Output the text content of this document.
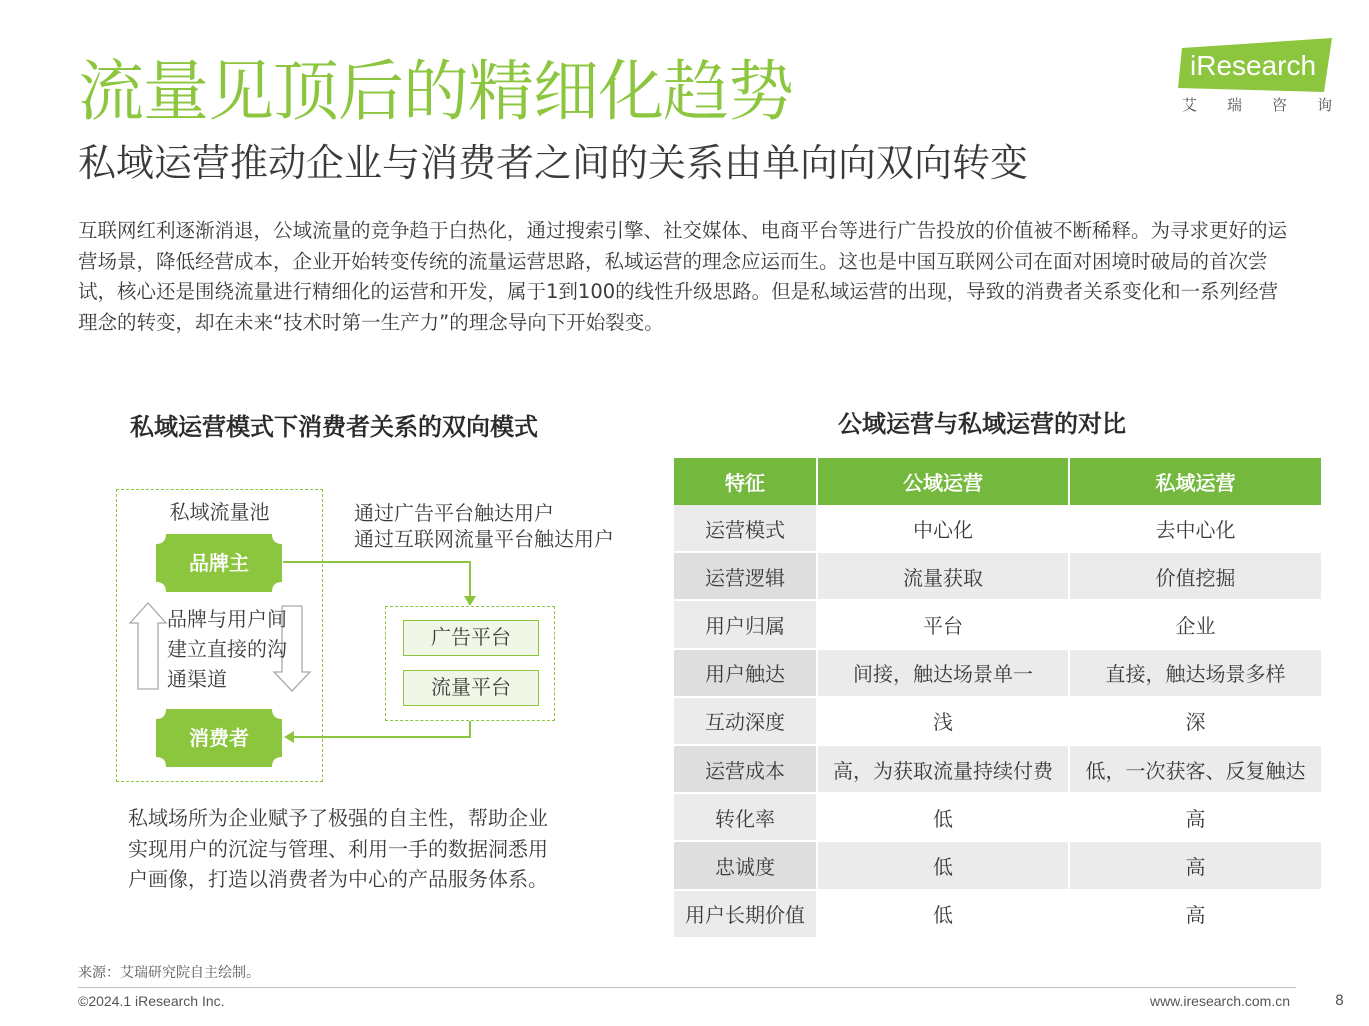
流量见顶后的精细化趋势
私域运营推动企业与消费者之间的关系由单向向双向转变
iResearch
艾 瑞 咨 询

互联网红利逐渐消退，公域流量的竞争趋于白热化，通过搜索引擎、社交媒体、电商平台等进行广告投放的价值被不断稀释。为寻求更好的运营场景，降低经营成本，企业开始转变传统的流量运营思路，私域运营的理念应运而生。这也是中国互联网公司在面对困境时破局的首次尝试，核心还是围绕流量进行精细化的运营和开发，属于1到100的线性升级思路。但是私域运营的出现，导致的消费者关系变化和一系列经营理念的转变，却在未来“技术时第一生产力”的理念导向下开始裂变。

私域运营模式下消费者关系的双向模式	公域运营与私域运营的对比
私域流量池
品牌主
品牌与用户间建立直接的沟通渠道
消费者
通过广告平台触达用户
通过互联网流量平台触达用户
广告平台
流量平台

私域场所为企业赋予了极强的自主性，帮助企业实现用户的沉淀与管理、利用一手的数据洞悉用户画像，打造以消费者为中心的产品服务体系。

特征	公域运营	私域运营
运营模式	中心化	去中心化
运营逻辑	流量获取	价值挖掘
用户归属	平台	企业
用户触达	间接，触达场景单一	直接，触达场景多样
互动深度	浅	深
运营成本	高，为获取流量持续付费	低，一次获客、反复触达
转化率	低	高
忠诚度	低	高
用户长期价值	低	高
来源：艾瑞研究院自主绘制。
©2024.1 iResearch Inc.	www.iresearch.com.cn	8
